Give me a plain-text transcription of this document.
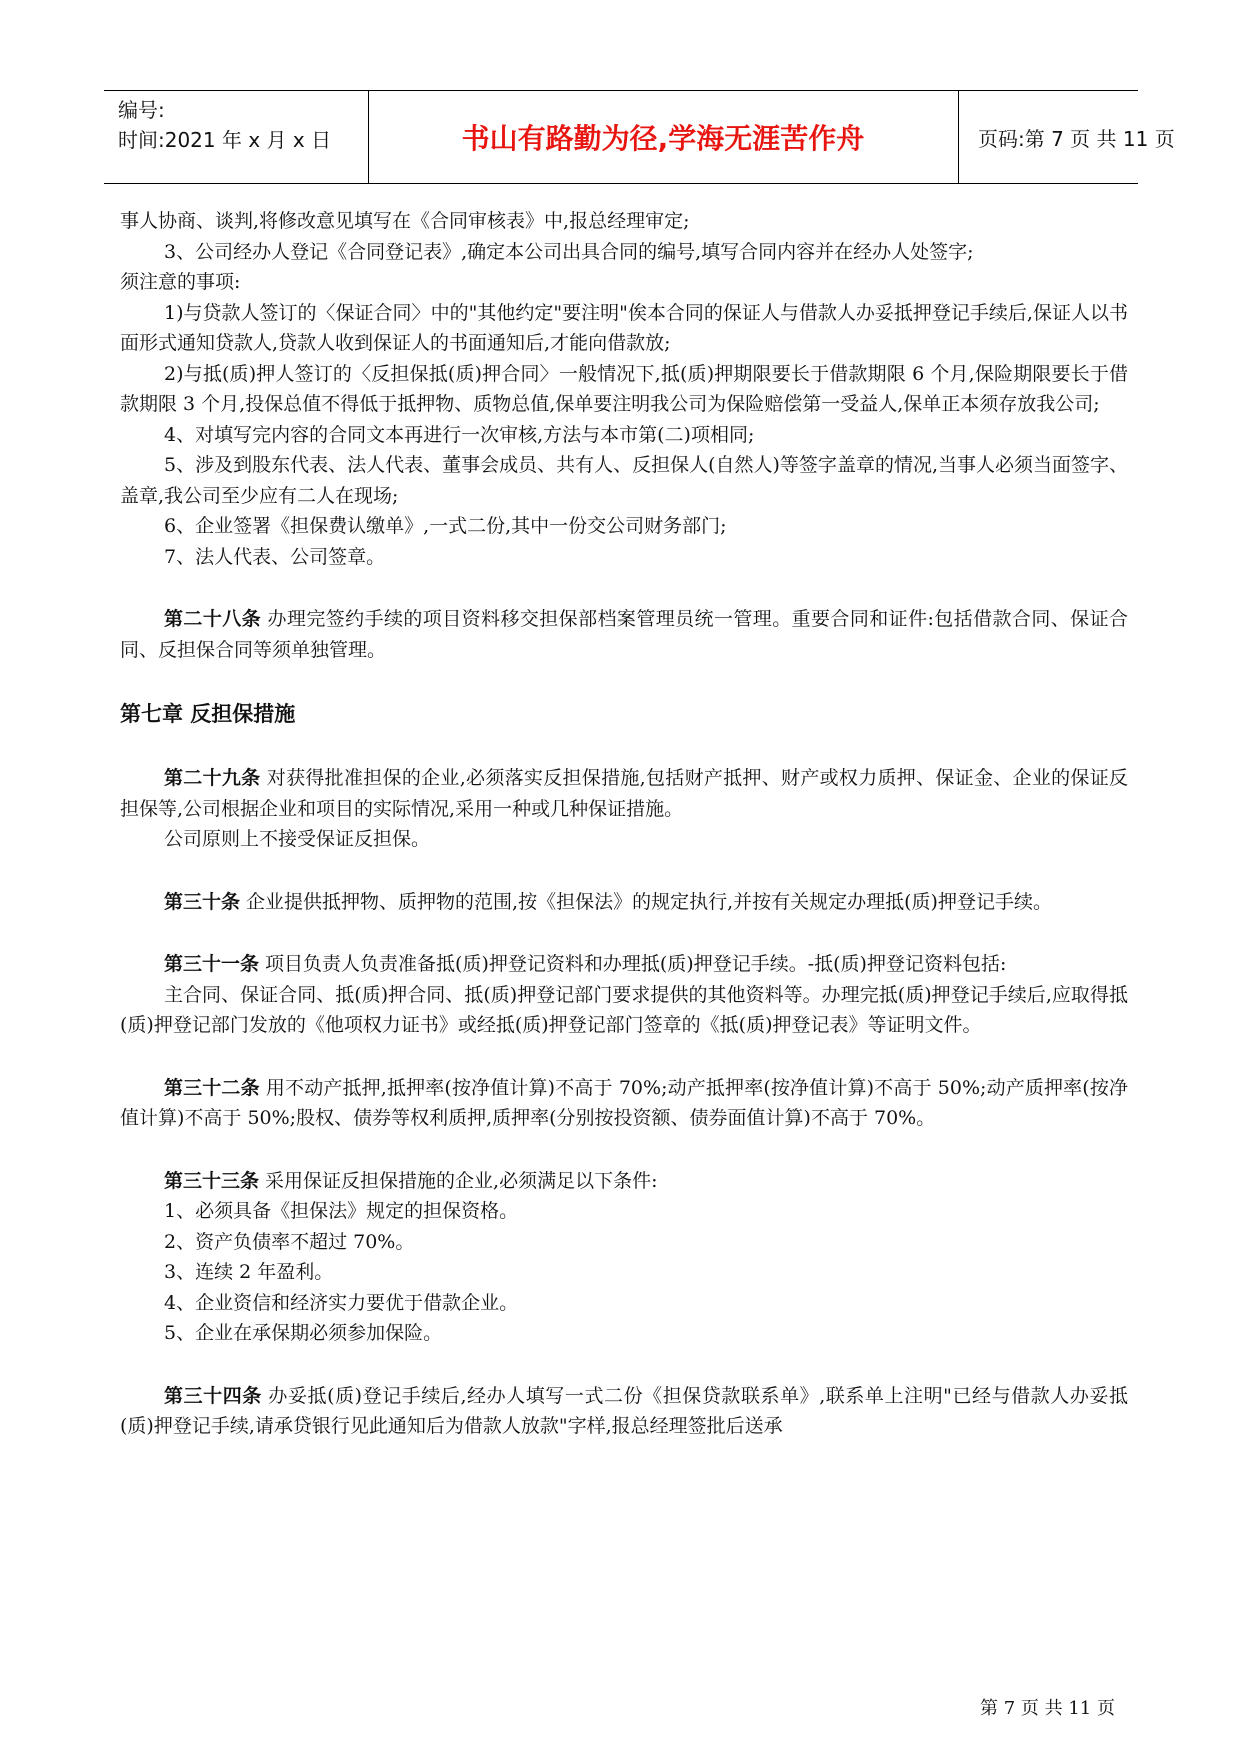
编号:
时间:2021 年 x 月 x 日	书山有路勤为径,学海无涯苦作舟	页码:第 7 页 共 11 页

事人协商、谈判,将修改意见填写在《合同审核表》中,报总经理审定;

3、公司经办人登记《合同登记表》,确定本公司出具合同的编号,填写合同内容并在经办人处签字;

须注意的事项:

1)与贷款人签订的〈保证合同〉中的"其他约定"要注明"俟本合同的保证人与借款人办妥抵押登记手续后,保证人以书面形式通知贷款人,贷款人收到保证人的书面通知后,才能向借款放;

2)与抵(质)押人签订的〈反担保抵(质)押合同〉一般情况下,抵(质)押期限要长于借款期限 6 个月,保险期限要长于借款期限 3 个月,投保总值不得低于抵押物、质物总值,保单要注明我公司为保险赔偿第一受益人,保单正本须存放我公司;

4、对填写完内容的合同文本再进行一次审核,方法与本市第(二)项相同;

5、涉及到股东代表、法人代表、董事会成员、共有人、反担保人(自然人)等签字盖章的情况,当事人必须当面签字、盖章,我公司至少应有二人在现场;

6、企业签署《担保费认缴单》,一式二份,其中一份交公司财务部门;

7、法人代表、公司签章。

第二十八条 办理完签约手续的项目资料移交担保部档案管理员统一管理。重要合同和证件:包括借款合同、保证合同、反担保合同等须单独管理。

第七章 反担保措施

第二十九条 对获得批准担保的企业,必须落实反担保措施,包括财产抵押、财产或权力质押、保证金、企业的保证反担保等,公司根据企业和项目的实际情况,采用一种或几种保证措施。

公司原则上不接受保证反担保。

第三十条 企业提供抵押物、质押物的范围,按《担保法》的规定执行,并按有关规定办理抵(质)押登记手续。

第三十一条 项目负责人负责准备抵(质)押登记资料和办理抵(质)押登记手续。-抵(质)押登记资料包括:

主合同、保证合同、抵(质)押合同、抵(质)押登记部门要求提供的其他资料等。办理完抵(质)押登记手续后,应取得抵(质)押登记部门发放的《他项权力证书》或经抵(质)押登记部门签章的《抵(质)押登记表》等证明文件。

第三十二条 用不动产抵押,抵押率(按净值计算)不高于 70%;动产抵押率(按净值计算)不高于 50%;动产质押率(按净值计算)不高于 50%;股权、债券等权利质押,质押率(分别按投资额、债券面值计算)不高于 70%。

第三十三条 采用保证反担保措施的企业,必须满足以下条件:

1、必须具备《担保法》规定的担保资格。

2、资产负债率不超过 70%。

3、连续 2 年盈利。

4、企业资信和经济实力要优于借款企业。

5、企业在承保期必须参加保险。

第三十四条 办妥抵(质)登记手续后,经办人填写一式二份《担保贷款联系单》,联系单上注明"已经与借款人办妥抵(质)押登记手续,请承贷银行见此通知后为借款人放款"字样,报总经理签批后送承

第 7 页 共 11 页
